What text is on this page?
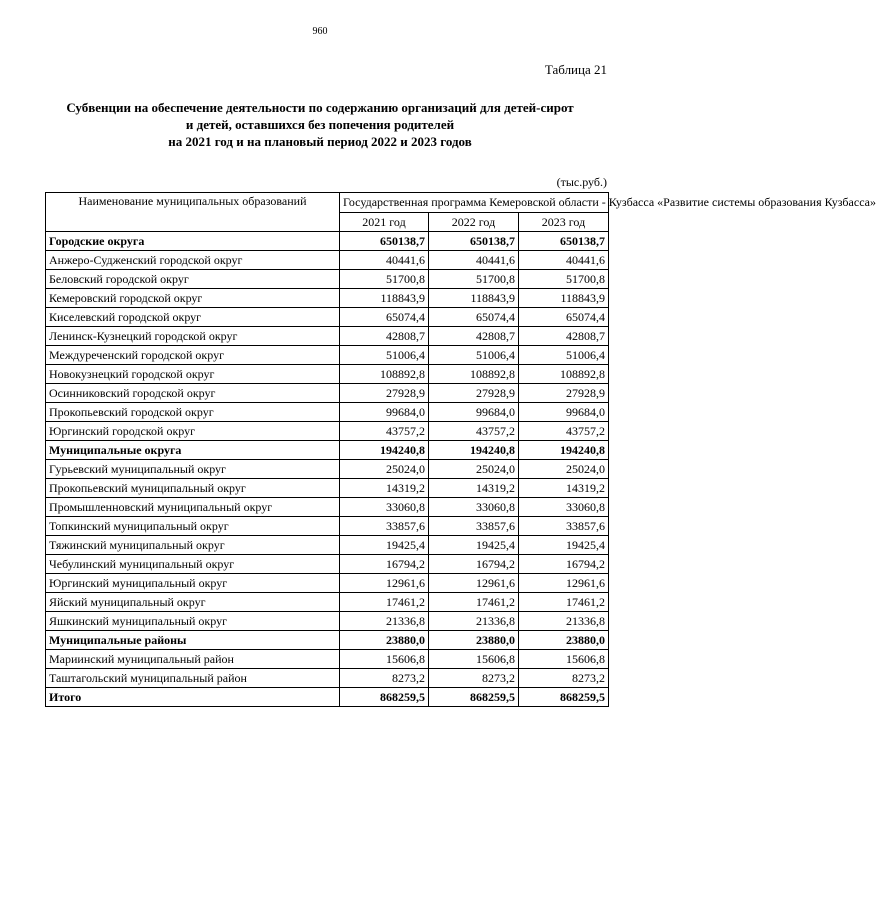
960
Таблица 21
Субвенции на обеспечение деятельности по содержанию организаций для детей-сирот
и детей, оставшихся без попечения родителей
на 2021 год и на плановый период 2022 и 2023 годов
(тыс.руб.)
Наименование муниципальных образований	Государственная программа Кемеровской области - Кузбасса «Развитие системы образования Кузбасса»		
	2021 год	2022 год	2023 год
Городские округа	650138,7	650138,7	650138,7
Анжеро-Судженский городской округ	40441,6	40441,6	40441,6
Беловский городской округ	51700,8	51700,8	51700,8
Кемеровский городской округ	118843,9	118843,9	118843,9
Киселевский городской округ	65074,4	65074,4	65074,4
Ленинск-Кузнецкий городской округ	42808,7	42808,7	42808,7
Междуреченский городской округ	51006,4	51006,4	51006,4
Новокузнецкий городской округ	108892,8	108892,8	108892,8
Осинниковский городской округ	27928,9	27928,9	27928,9
Прокопьевский городской округ	99684,0	99684,0	99684,0
Юргинский городской округ	43757,2	43757,2	43757,2
Муниципальные округа	194240,8	194240,8	194240,8
Гурьевский муниципальный округ	25024,0	25024,0	25024,0
Прокопьевский муниципальный округ	14319,2	14319,2	14319,2
Промышленновский муниципальный округ	33060,8	33060,8	33060,8
Топкинский муниципальный округ	33857,6	33857,6	33857,6
Тяжинский муниципальный округ	19425,4	19425,4	19425,4
Чебулинский муниципальный округ	16794,2	16794,2	16794,2
Юргинский муниципальный округ	12961,6	12961,6	12961,6
Яйский муниципальный округ	17461,2	17461,2	17461,2
Яшкинский муниципальный округ	21336,8	21336,8	21336,8
Муниципальные районы	23880,0	23880,0	23880,0
Мариинский муниципальный район	15606,8	15606,8	15606,8
Таштагольский муниципальный район	8273,2	8273,2	8273,2
Итого	868259,5	868259,5	868259,5
